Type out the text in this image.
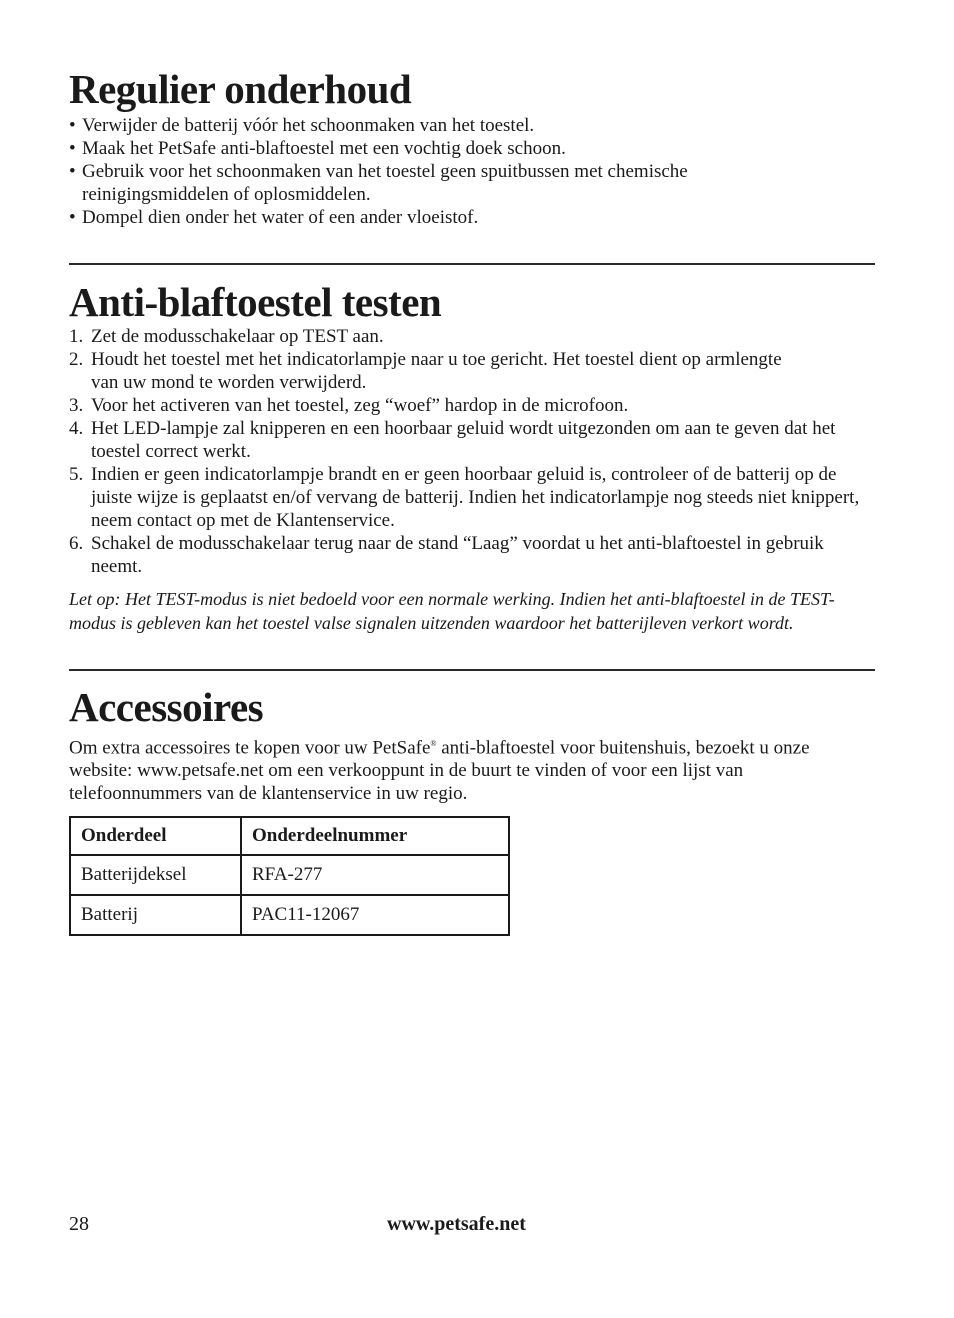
Regulier onderhoud
• Verwijder de batterij vóór het schoonmaken van het toestel.
• Maak het PetSafe anti-blaftoestel met een vochtig doek schoon.
• Gebruik voor het schoonmaken van het toestel geen spuitbussen met chemische reinigingsmiddelen of oplosmiddelen.
• Dompel dien onder het water of een ander vloeistof.
Anti-blaftoestel testen
1. Zet de modusschakelaar op TEST aan.
2. Houdt het toestel met het indicatorlampje naar u toe gericht. Het toestel dient op armlengte van uw mond te worden verwijderd.
3. Voor het activeren van het toestel, zeg “woef” hardop in de microfoon.
4. Het LED-lampje zal knipperen en een hoorbaar geluid wordt uitgezonden om aan te geven dat het toestel correct werkt.
5. Indien er geen indicatorlampje brandt en er geen hoorbaar geluid is, controleer of de batterij op de juiste wijze is geplaatst en/of vervang de batterij. Indien het indicatorlampje nog steeds niet knippert, neem contact op met de Klantenservice.
6. Schakel de modusschakelaar terug naar de stand “Laag” voordat u het anti-blaftoestel in gebruik neemt.

Let op: Het TEST-modus is niet bedoeld voor een normale werking. Indien het anti-blaftoestel in de TEST-modus is gebleven kan het toestel valse signalen uitzenden waardoor het batterijleven verkort wordt.

Accessoires

Om extra accessoires te kopen voor uw PetSafe® anti-blaftoestel voor buitenshuis, bezoekt u onze website: www.petsafe.net om een verkooppunt in de buurt te vinden of voor een lijst van telefoonnummers van de klantenservice in uw regio.

Onderdeel	Onderdeelnummer
Batterijdeksel	RFA-277
Batterij	PAC11-12067
28	www.petsafe.net
